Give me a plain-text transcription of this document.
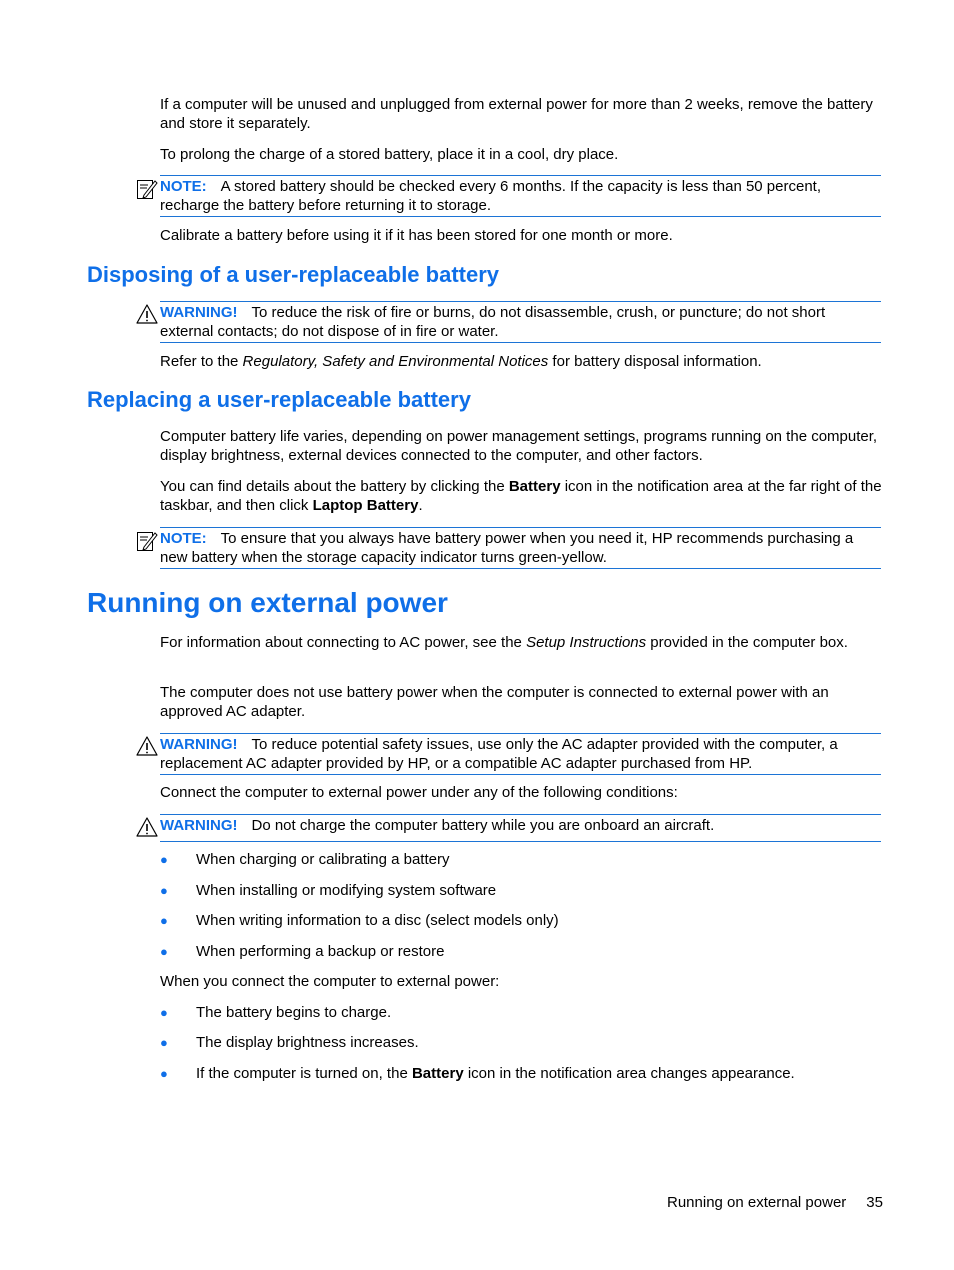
If a computer will be unused and unplugged from external power for more than 2 weeks, remove the battery and store it separately.

To prolong the charge of a stored battery, place it in a cool, dry place.

NOTE: A stored battery should be checked every 6 months. If the capacity is less than 50 percent, recharge the battery before returning it to storage.

Calibrate a battery before using it if it has been stored for one month or more.

Disposing of a user-replaceable battery
WARNING! To reduce the risk of fire or burns, do not disassemble, crush, or puncture; do not short external contacts; do not dispose of in fire or water.

Refer to the Regulatory, Safety and Environmental Notices for battery disposal information.

Replacing a user-replaceable battery

Computer battery life varies, depending on power management settings, programs running on the computer, display brightness, external devices connected to the computer, and other factors.

You can find details about the battery by clicking the Battery icon in the notification area at the far right of the taskbar, and then click Laptop Battery.

NOTE: To ensure that you always have battery power when you need it, HP recommends purchasing a new battery when the storage capacity indicator turns green-yellow.
Running on external power

For information about connecting to AC power, see the Setup Instructions provided in the computer box.

The computer does not use battery power when the computer is connected to external power with an approved AC adapter.

WARNING! To reduce potential safety issues, use only the AC adapter provided with the computer, a replacement AC adapter provided by HP, or a compatible AC adapter purchased from HP.

Connect the computer to external power under any of the following conditions:

WARNING! Do not charge the computer battery while you are onboard an aircraft.
● When charging or calibrating a battery
● When installing or modifying system software
● When writing information to a disc (select models only)
● When performing a backup or restore

When you connect the computer to external power:

● The battery begins to charge.
● The display brightness increases.
● If the computer is turned on, the Battery icon in the notification area changes appearance.
Running on external power 35
